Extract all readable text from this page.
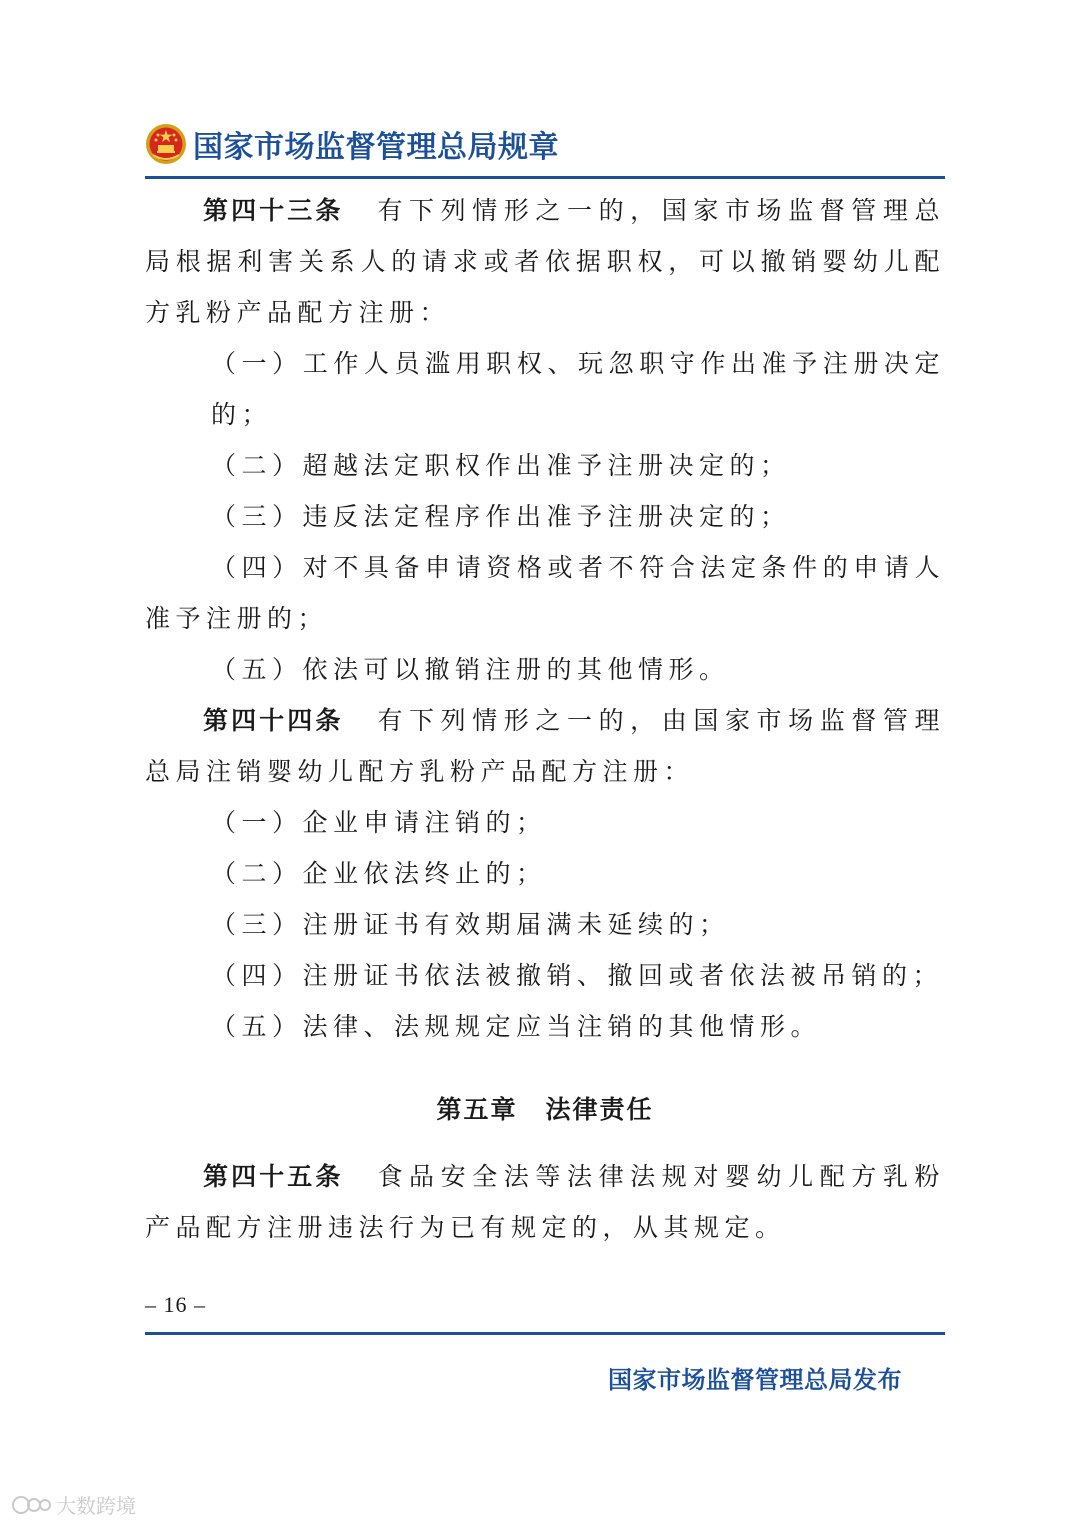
国家市场监督管理总局规章

第四十三条 有下列情形之一的，国家市场监督管理总局根据利害关系人的请求或者依据职权，可以撤销婴幼儿配方乳粉产品配方注册：

（一）工作人员滥用职权、玩忽职守作出准予注册决定的；

（二）超越法定职权作出准予注册决定的；

（三）违反法定程序作出准予注册决定的；

（四）对不具备申请资格或者不符合法定条件的申请人准予注册的；

（五）依法可以撤销注册的其他情形。

第四十四条 有下列情形之一的，由国家市场监督管理总局注销婴幼儿配方乳粉产品配方注册：

（一）企业申请注销的；

（二）企业依法终止的；

（三）注册证书有效期届满未延续的；

（四）注册证书依法被撤销、撤回或者依法被吊销的；

（五）法律、法规规定应当注销的其他情形。

第五章 法律责任

第四十五条 食品安全法等法律法规对婴幼儿配方乳粉产品配方注册违法行为已有规定的，从其规定。

– 16 –
国家市场监督管理总局发布
大数跨境
